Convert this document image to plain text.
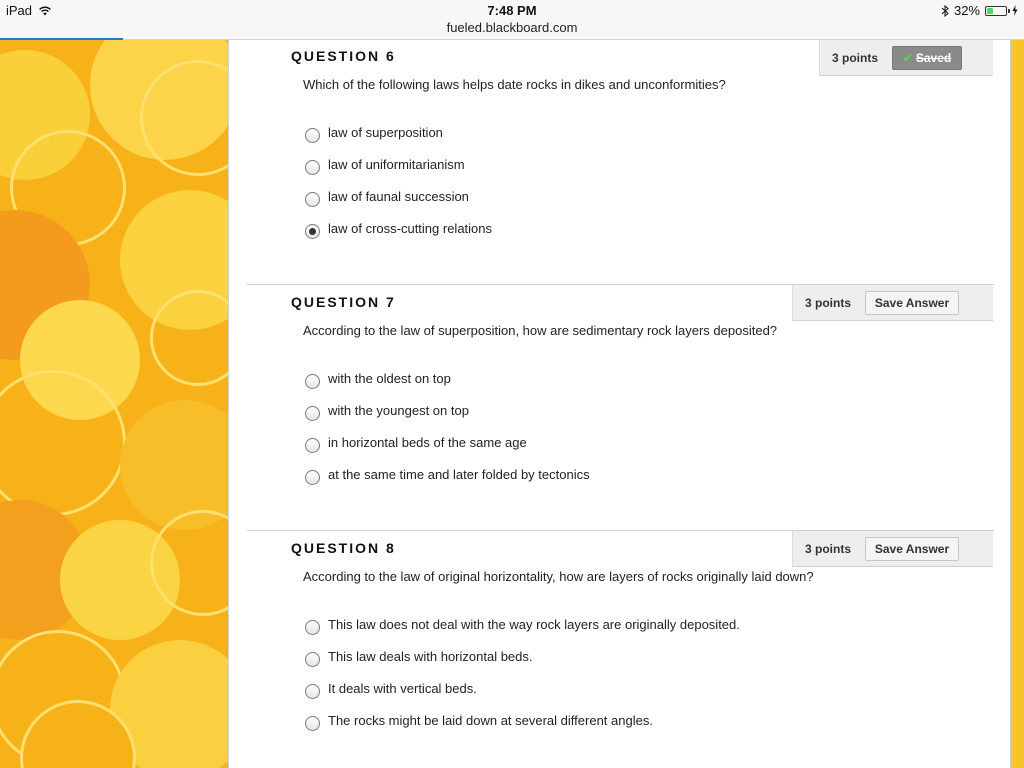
iPad	7:48 PM
fueled.blackboard.com
32%
QUESTION 6	3 points	✔ Saved
Which of the following laws helps date rocks in dikes and unconformities?
law of superposition
law of uniformitarianism
law of faunal succession
law of cross-cutting relations
QUESTION 7	3 points	Save Answer
According to the law of superposition, how are sedimentary rock layers deposited?
with the oldest on top
with the youngest on top
in horizontal beds of the same age
at the same time and later folded by tectonics
QUESTION 8	3 points	Save Answer
According to the law of original horizontality, how are layers of rocks originally laid down?
This law does not deal with the way rock layers are originally deposited.
This law deals with horizontal beds.
It deals with vertical beds.
The rocks might be laid down at several different angles.
